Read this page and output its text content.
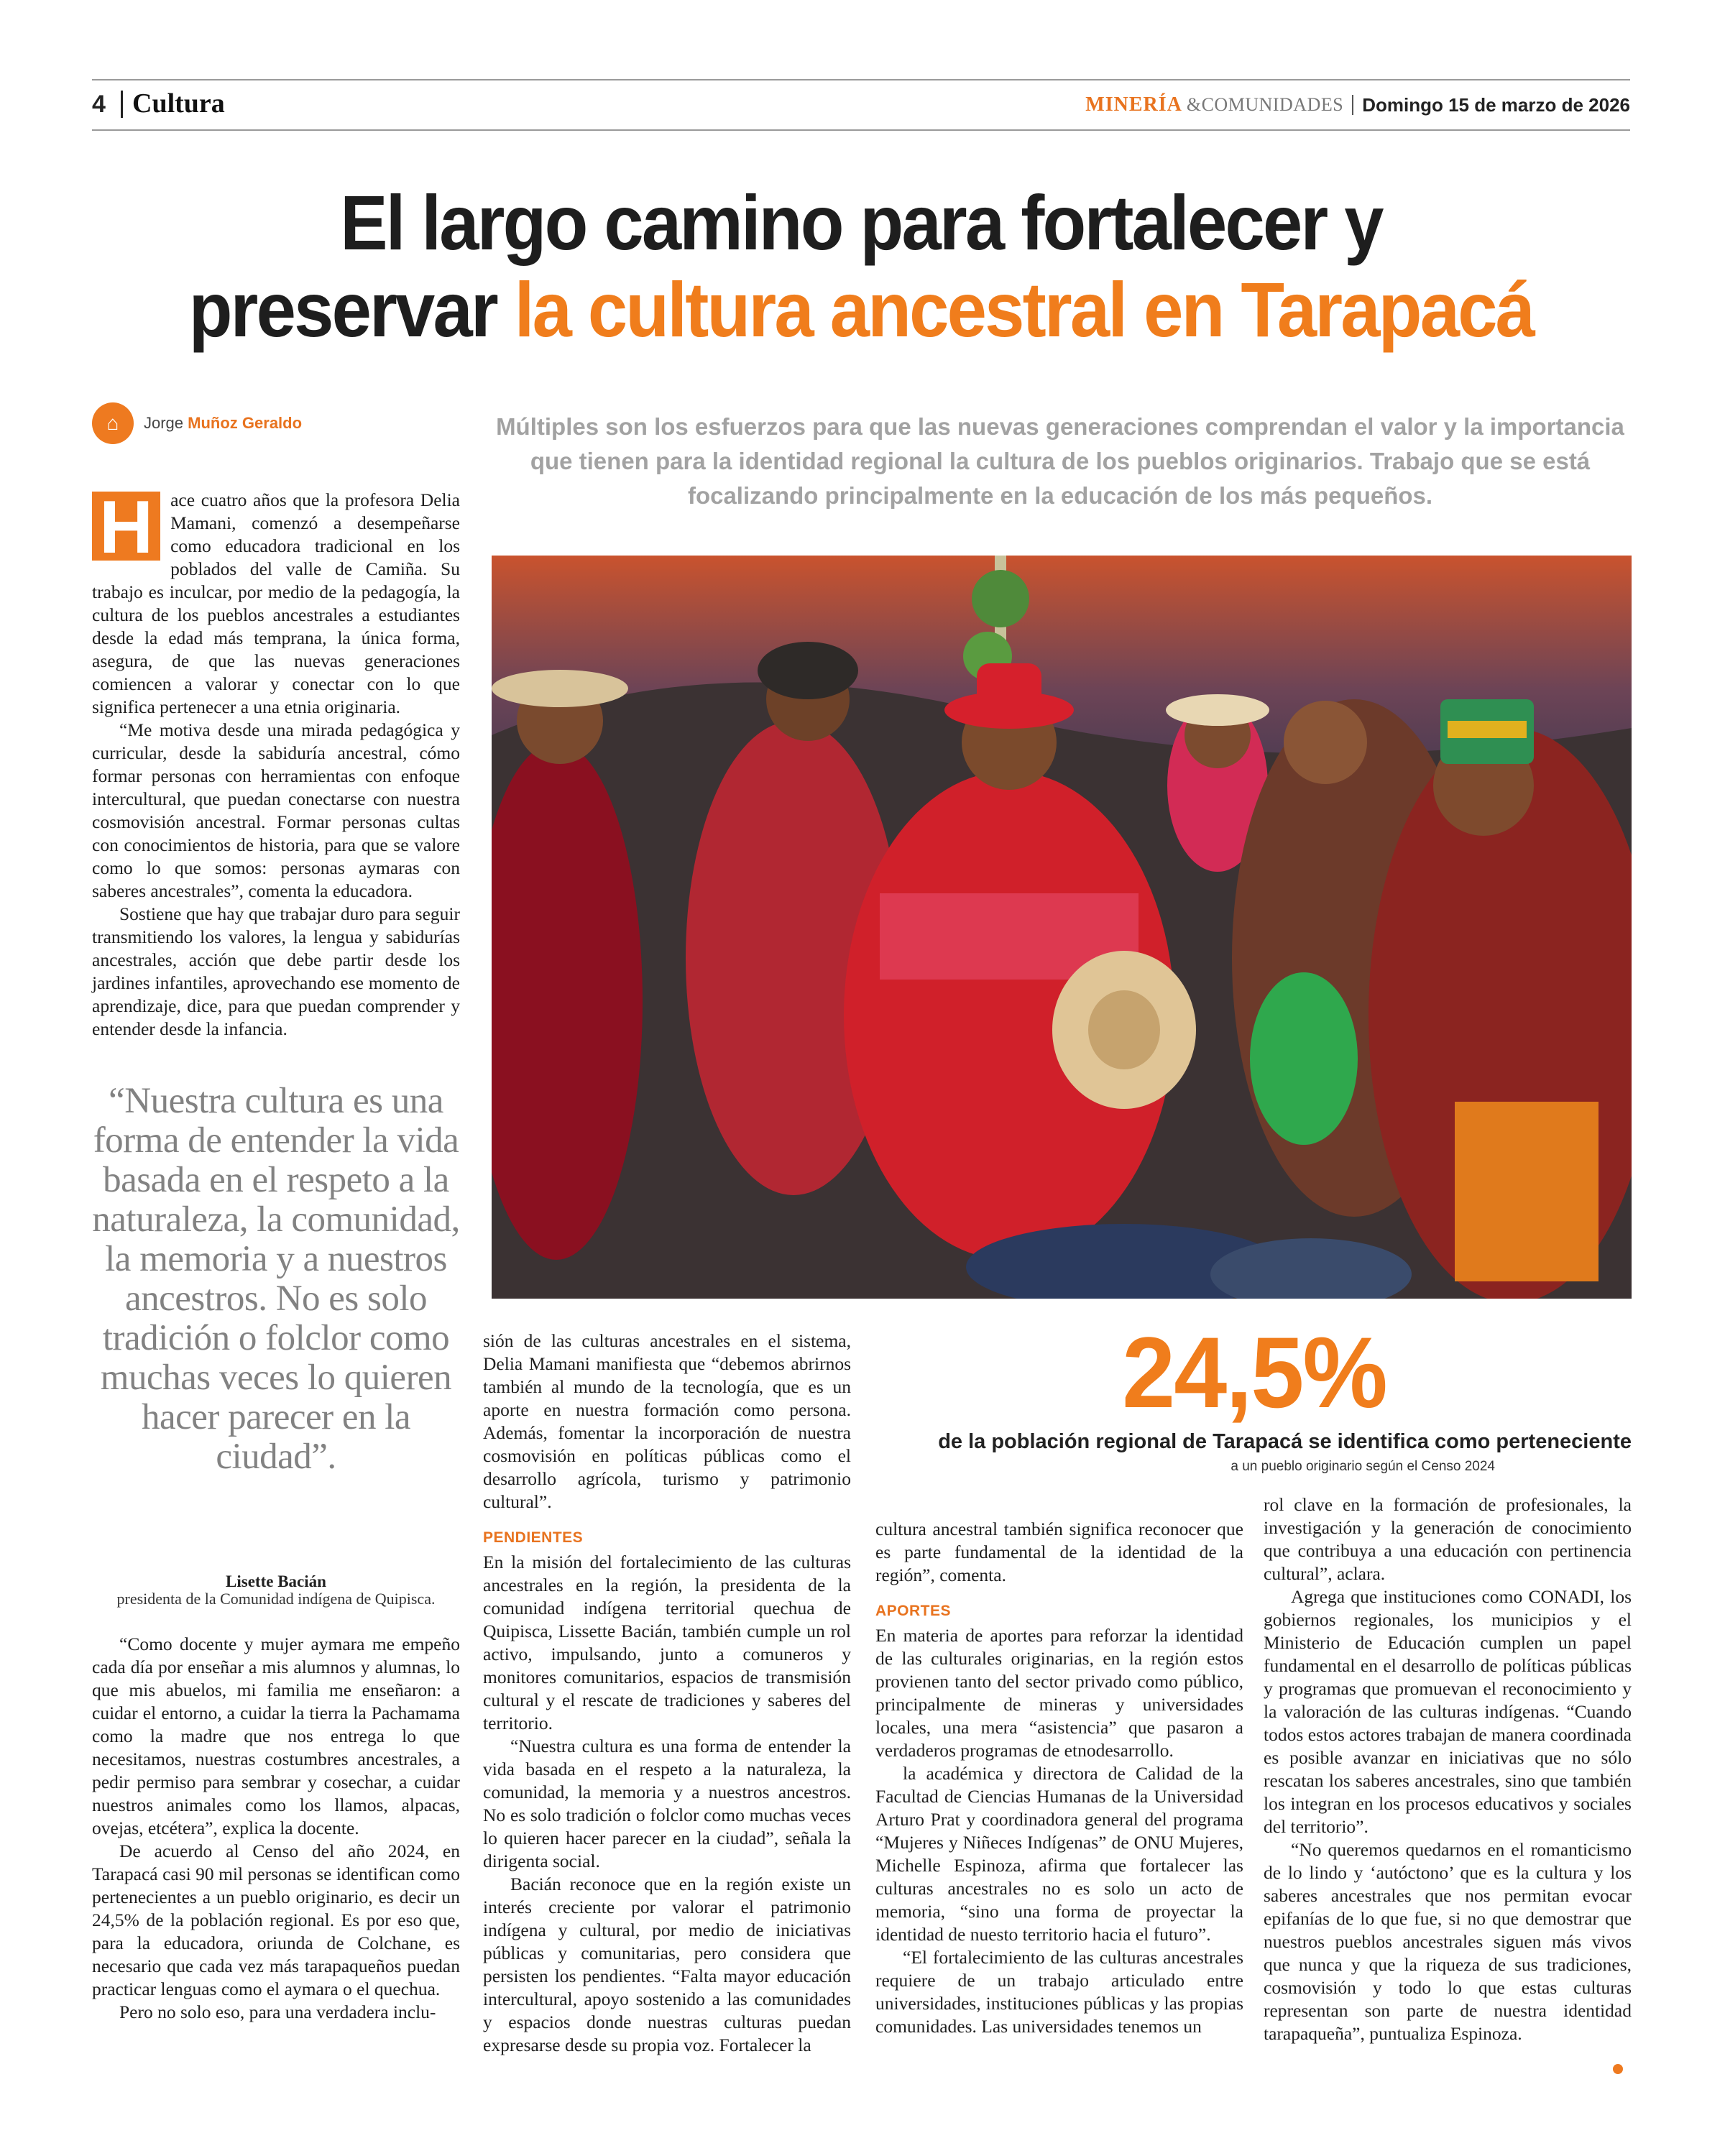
4 Cultura	MINERÍA &COMUNIDADES Domingo 15 de marzo de 2026
El largo camino para fortalecer y
preservar la cultura ancestral en Tarapacá
⌂	Jorge Muñoz Geraldo	Múltiples son los esfuerzos para que las nuevas generaciones comprendan el valor y la importancia que tienen para la identidad regional la cultura de los pueblos originarios. Trabajo que se está focalizando principalmente en la educación de los más pequeños.

H ace cuatro años que la profesora Delia Mamani, comenzó a desempeñarse como educadora tradicional en los poblados del valle de Camiña. Su trabajo es inculcar, por medio de la pedagogía, la cultura de los pueblos ancestrales a estudiantes desde la edad más temprana, la única forma, asegura, de que las nuevas generaciones comiencen a valorar y conectar con lo que significa pertenecer a una etnia originaria.

“Me motiva desde una mirada pedagógica y curricular, desde la sabiduría ancestral, cómo formar personas con herramientas con enfoque intercultural, que puedan conectarse con nuestra cosmovisión ancestral. Formar personas cultas con conocimientos de historia, para que se valore como lo que somos: personas aymaras con saberes ancestrales”, comenta la educadora.

Sostiene que hay que trabajar duro para seguir transmitiendo los valores, la lengua y sabidurías ancestrales, acción que debe partir desde los jardines infantiles, aprovechando ese momento de aprendizaje, dice, para que puedan comprender y entender desde la infancia.

“Nuestra cultura es una forma de entender la vida basada en el respeto a la naturaleza, la comunidad, la memoria y a nuestros ancestros. No es solo tradición o folclor como muchas veces lo quieren hacer parecer en la ciudad”.
Lisette Bacián
presidenta de la Comunidad indígena de Quipisca.

“Como docente y mujer aymara me empeño cada día por enseñar a mis alumnos y alumnas, lo que mis abuelos, mi familia me enseñaron: a cuidar el entorno, a cuidar la tierra la Pachamama como la madre que nos entrega lo que necesitamos, nuestras costumbres ancestrales, a pedir permiso para sembrar y cosechar, a cuidar nuestros animales como los llamos, alpacas, ovejas, etcétera”, explica la docente.

De acuerdo al Censo del año 2024, en Tarapacá casi 90 mil personas se identifican como pertenecientes a un pueblo originario, es decir un 24,5% de la población regional. Es por eso que, para la educadora, oriunda de Colchane, es necesario que cada vez más tarapaqueños puedan practicar lenguas como el aymara o el quechua.

Pero no solo eso, para una verdadera inclu-

sión de las culturas ancestrales en el sistema, Delia Mamani manifiesta que “debemos abrirnos también al mundo de la tecnología, que es un aporte en nuestra formación como persona. Además, fomentar la incorporación de nuestra cosmovisión en políticas públicas como el desarrollo agrícola, turismo y patrimonio cultural”.

PENDIENTES

En la misión del fortalecimiento de las culturas ancestrales en la región, la presidenta de la comunidad indígena territorial quechua de Quipisca, Lissette Bacián, también cumple un rol activo, impulsando, junto a comuneros y monitores comunitarios, espacios de transmisión cultural y el rescate de tradiciones y saberes del territorio.

“Nuestra cultura es una forma de entender la vida basada en el respeto a la naturaleza, la comunidad, la memoria y a nuestros ancestros. No es solo tradición o folclor como muchas veces lo quieren hacer parecer en la ciudad”, señala la dirigenta social.

Bacián reconoce que en la región existe un interés creciente por valorar el patrimonio indígena y cultural, por medio de iniciativas públicas y comunitarias, pero considera que persisten los pendientes. “Falta mayor educación intercultural, apoyo sostenido a las comunidades y espacios donde nuestras culturas puedan expresarse desde su propia voz. Fortalecer la

24,5%
de la población regional de Tarapacá se identifica como perteneciente
a un pueblo originario según el Censo 2024

cultura ancestral también significa reconocer que es parte fundamental de la identidad de la región”, comenta.

APORTES

En materia de aportes para reforzar la identidad de las culturales originarias, en la región estos provienen tanto del sector privado como público, principalmente de mineras y universidades locales, una mera “asistencia” que pasaron a verdaderos programas de etnodesarrollo.

la académica y directora de Calidad de la Facultad de Ciencias Humanas de la Universidad Arturo Prat y coordinadora general del programa “Mujeres y Niñeces Indígenas” de ONU Mujeres, Michelle Espinoza, afirma que fortalecer las culturas ancestrales no es solo un acto de memoria, “sino una forma de proyectar la identidad de nuesto territorio hacia el futuro”.

“El fortalecimiento de las culturas ancestrales requiere de un trabajo articulado entre universidades, instituciones públicas y las propias comunidades. Las universidades tenemos un

rol clave en la formación de profesionales, la investigación y la generación de conocimiento que contribuya a una educación con pertinencia cultural”, aclara.

Agrega que instituciones como CONADI, los gobiernos regionales, los municipios y el Ministerio de Educación cumplen un papel fundamental en el desarrollo de políticas públicas y programas que promuevan el reconocimiento y la valoración de las culturas indígenas. “Cuando todos estos actores trabajan de manera coordinada es posible avanzar en iniciativas que no sólo rescatan los saberes ancestrales, sino que también los integran en los procesos educativos y sociales del territorio”.

“No queremos quedarnos en el romanticismo de lo lindo y ‘autóctono’ que es la cultura y los saberes ancestrales que nos permitan evocar epifanías de lo que fue, si no que demostrar que nuestros pueblos ancestrales siguen más vivos que nunca y que la riqueza de sus tradiciones, cosmovisión y todo lo que estas culturas representan son parte de nuestra identidad tarapaqueña”, puntualiza Espinoza.
